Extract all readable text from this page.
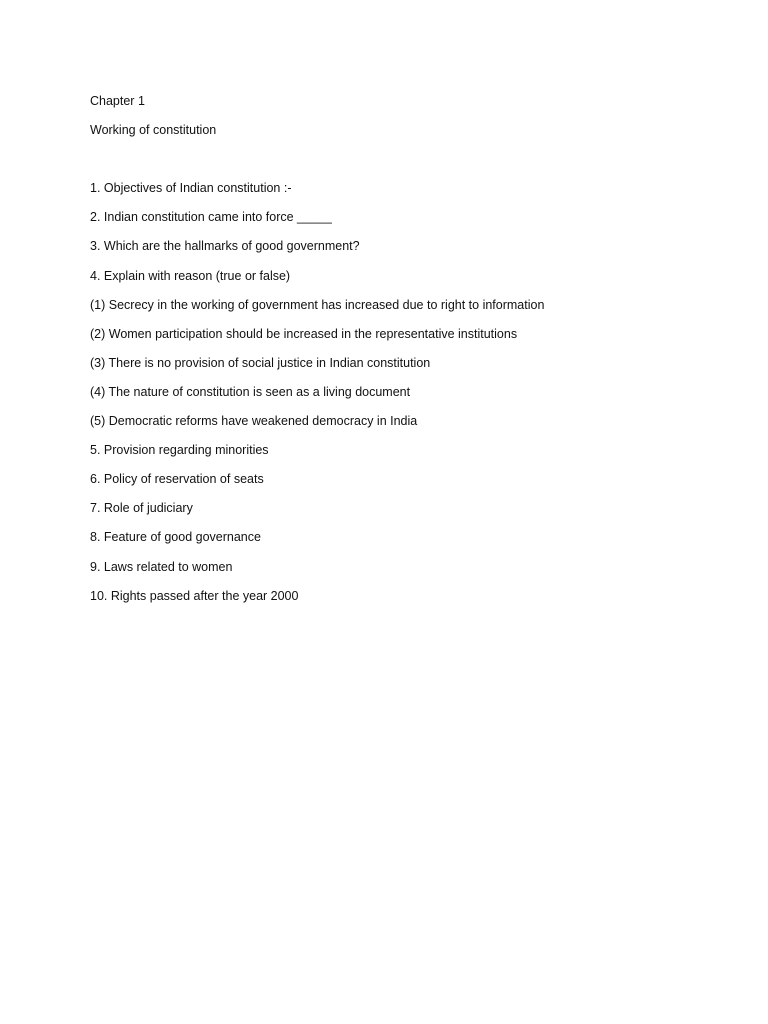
Chapter 1
Working of constitution
1. Objectives of Indian constitution :-
2. Indian constitution came into force _____
3. Which are the hallmarks of good government?
4. Explain with reason (true or false)
(1) Secrecy in the working of government has increased due to right to information
(2) Women participation should be increased in the representative institutions
(3) There is no provision of social justice in Indian constitution
(4) The nature of constitution is seen as a living document
(5) Democratic reforms have weakened democracy in India
5. Provision regarding minorities
6. Policy of reservation of seats
7. Role of judiciary
8. Feature of good governance
9. Laws related to women
10. Rights passed after the year 2000
